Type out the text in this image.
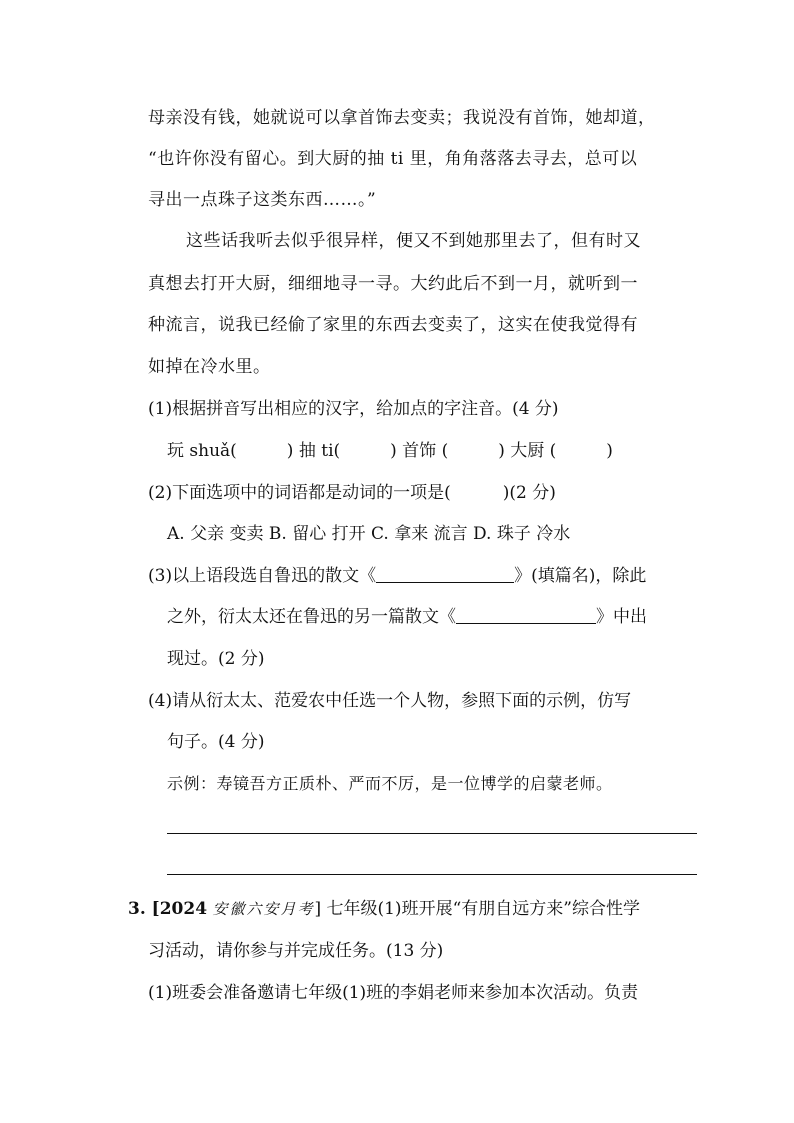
母亲没有钱，她就说可以拿首饰去变卖；我说没有首饰，她却道，
“也许你没有留心。到大厨的抽 ti 里，角角落落去寻去，总可以
寻出一点珠子这类东西……。”
这些话我听去似乎很异样，便又不到她那里去了，但有时又
真想去打开大厨，细细地寻一寻。大约此后不到一月，就听到一
种流言，说我已经偷了家里的东西去变卖了，这实在使我觉得有
如掉在冷水里。
(1)根据拼音写出相应的汉字，给加点的字注音。(4 分)
玩 shuǎ(	) 抽 ti(	) 首饰 (	) 大厨 (	)
(2)下面选项中的词语都是动词的一项是(	)(2 分)
A. 父亲 变卖 B. 留心 打开 C. 拿来 流言 D. 珠子 冷水
(3)以上语段选自鲁迅的散文《	》(填篇名)，除此
之外，衍太太还在鲁迅的另一篇散文《	》中出
现过。(2 分)
(4)请从衍太太、范爱农中任选一个人物，参照下面的示例，仿写
句子。(4 分)
示例：寿镜吾方正质朴、严而不厉，是一位博学的启蒙老师。
3. [2024 安徽六安月考] 七年级(1)班开展“有朋自远方来”综合性学
习活动，请你参与并完成任务。(13 分)
(1)班委会准备邀请七年级(1)班的李娟老师来参加本次活动。负责
